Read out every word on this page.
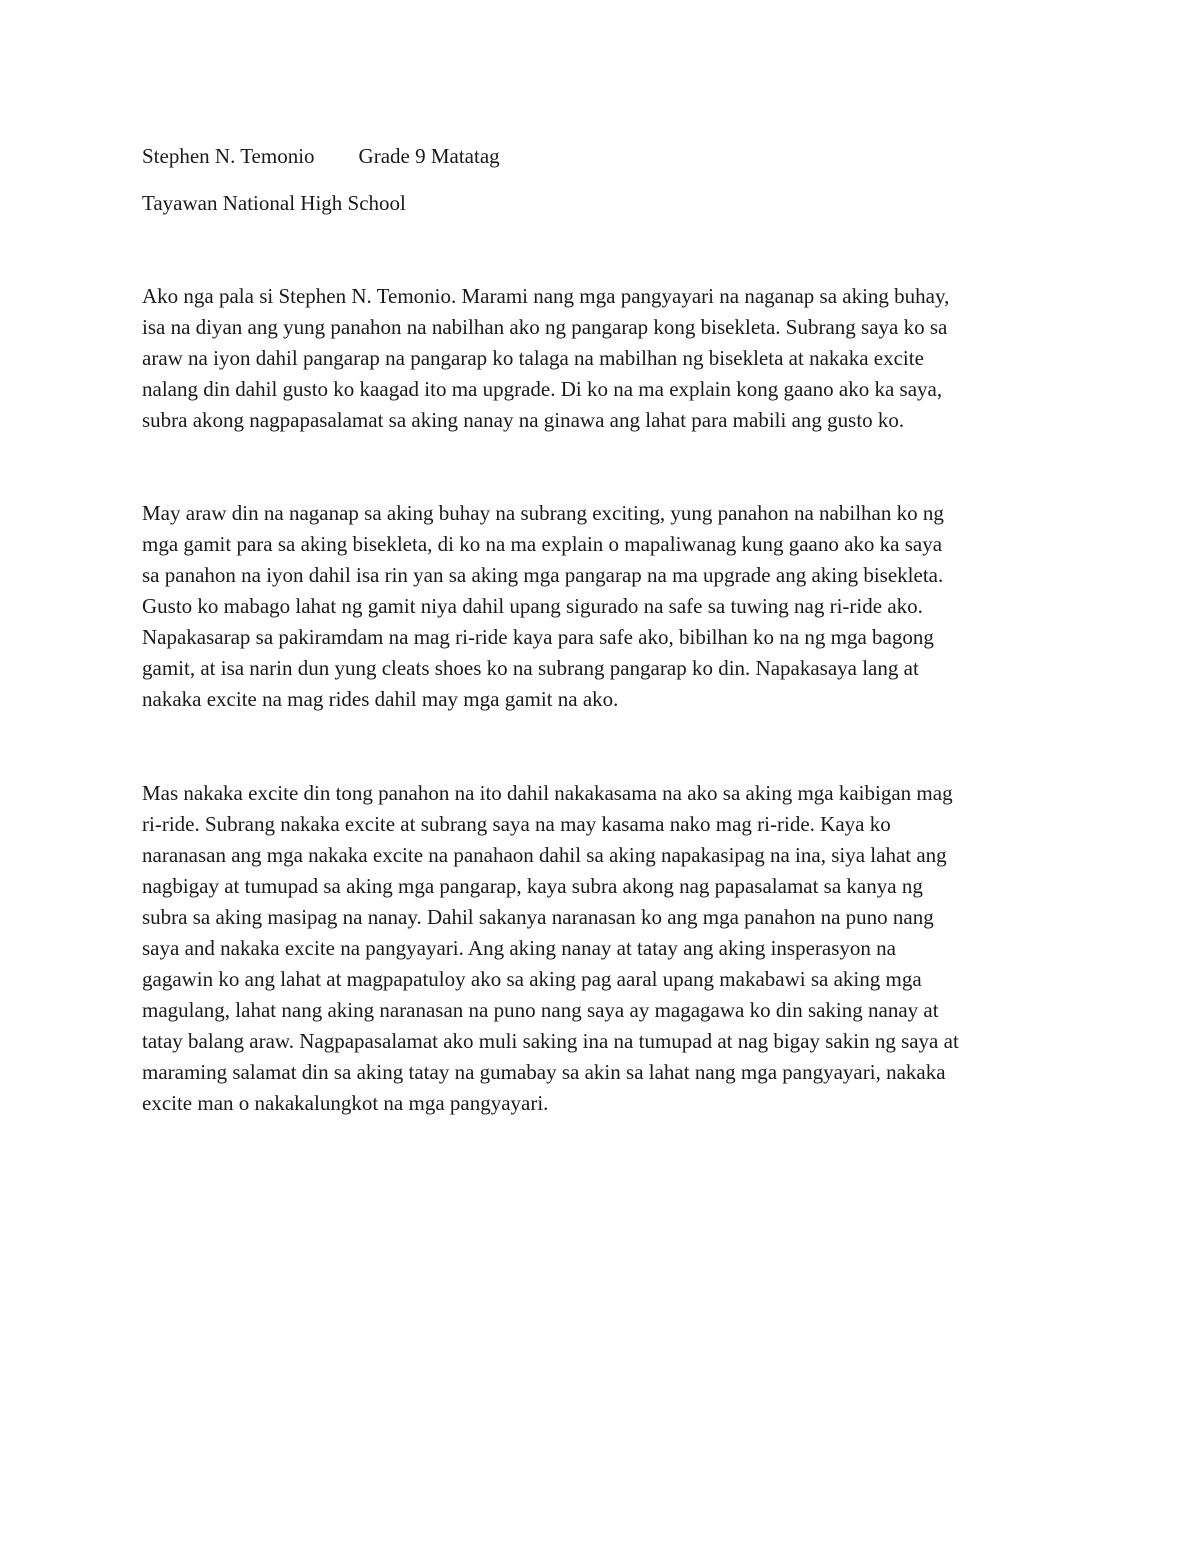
Stephen N. Temonio Grade 9 Matatag
Tayawan National High School
Ako nga pala si Stephen N. Temonio. Marami nang mga pangyayari na naganap sa aking buhay,
isa na diyan ang yung panahon na nabilhan ako ng pangarap kong bisekleta. Subrang saya ko sa
araw na iyon dahil pangarap na pangarap ko talaga na mabilhan ng bisekleta at nakaka excite
nalang din dahil gusto ko kaagad ito ma upgrade. Di ko na ma explain kong gaano ako ka saya,
subra akong nagpapasalamat sa aking nanay na ginawa ang lahat para mabili ang gusto ko.
May araw din na naganap sa aking buhay na subrang exciting, yung panahon na nabilhan ko ng
mga gamit para sa aking bisekleta, di ko na ma explain o mapaliwanag kung gaano ako ka saya
sa panahon na iyon dahil isa rin yan sa aking mga pangarap na ma upgrade ang aking bisekleta.
Gusto ko mabago lahat ng gamit niya dahil upang sigurado na safe sa tuwing nag ri-ride ako.
Napakasarap sa pakiramdam na mag ri-ride kaya para safe ako, bibilhan ko na ng mga bagong
gamit, at isa narin dun yung cleats shoes ko na subrang pangarap ko din. Napakasaya lang at
nakaka excite na mag rides dahil may mga gamit na ako.
Mas nakaka excite din tong panahon na ito dahil nakakasama na ako sa aking mga kaibigan mag
ri-ride. Subrang nakaka excite at subrang saya na may kasama nako mag ri-ride. Kaya ko
naranasan ang mga nakaka excite na panahaon dahil sa aking napakasipag na ina, siya lahat ang
nagbigay at tumupad sa aking mga pangarap, kaya subra akong nag papasalamat sa kanya ng
subra sa aking masipag na nanay. Dahil sakanya naranasan ko ang mga panahon na puno nang
saya and nakaka excite na pangyayari. Ang aking nanay at tatay ang aking insperasyon na
gagawin ko ang lahat at magpapatuloy ako sa aking pag aaral upang makabawi sa aking mga
magulang, lahat nang aking naranasan na puno nang saya ay magagawa ko din saking nanay at
tatay balang araw. Nagpapasalamat ako muli saking ina na tumupad at nag bigay sakin ng saya at
maraming salamat din sa aking tatay na gumabay sa akin sa lahat nang mga pangyayari, nakaka
excite man o nakakalungkot na mga pangyayari.
